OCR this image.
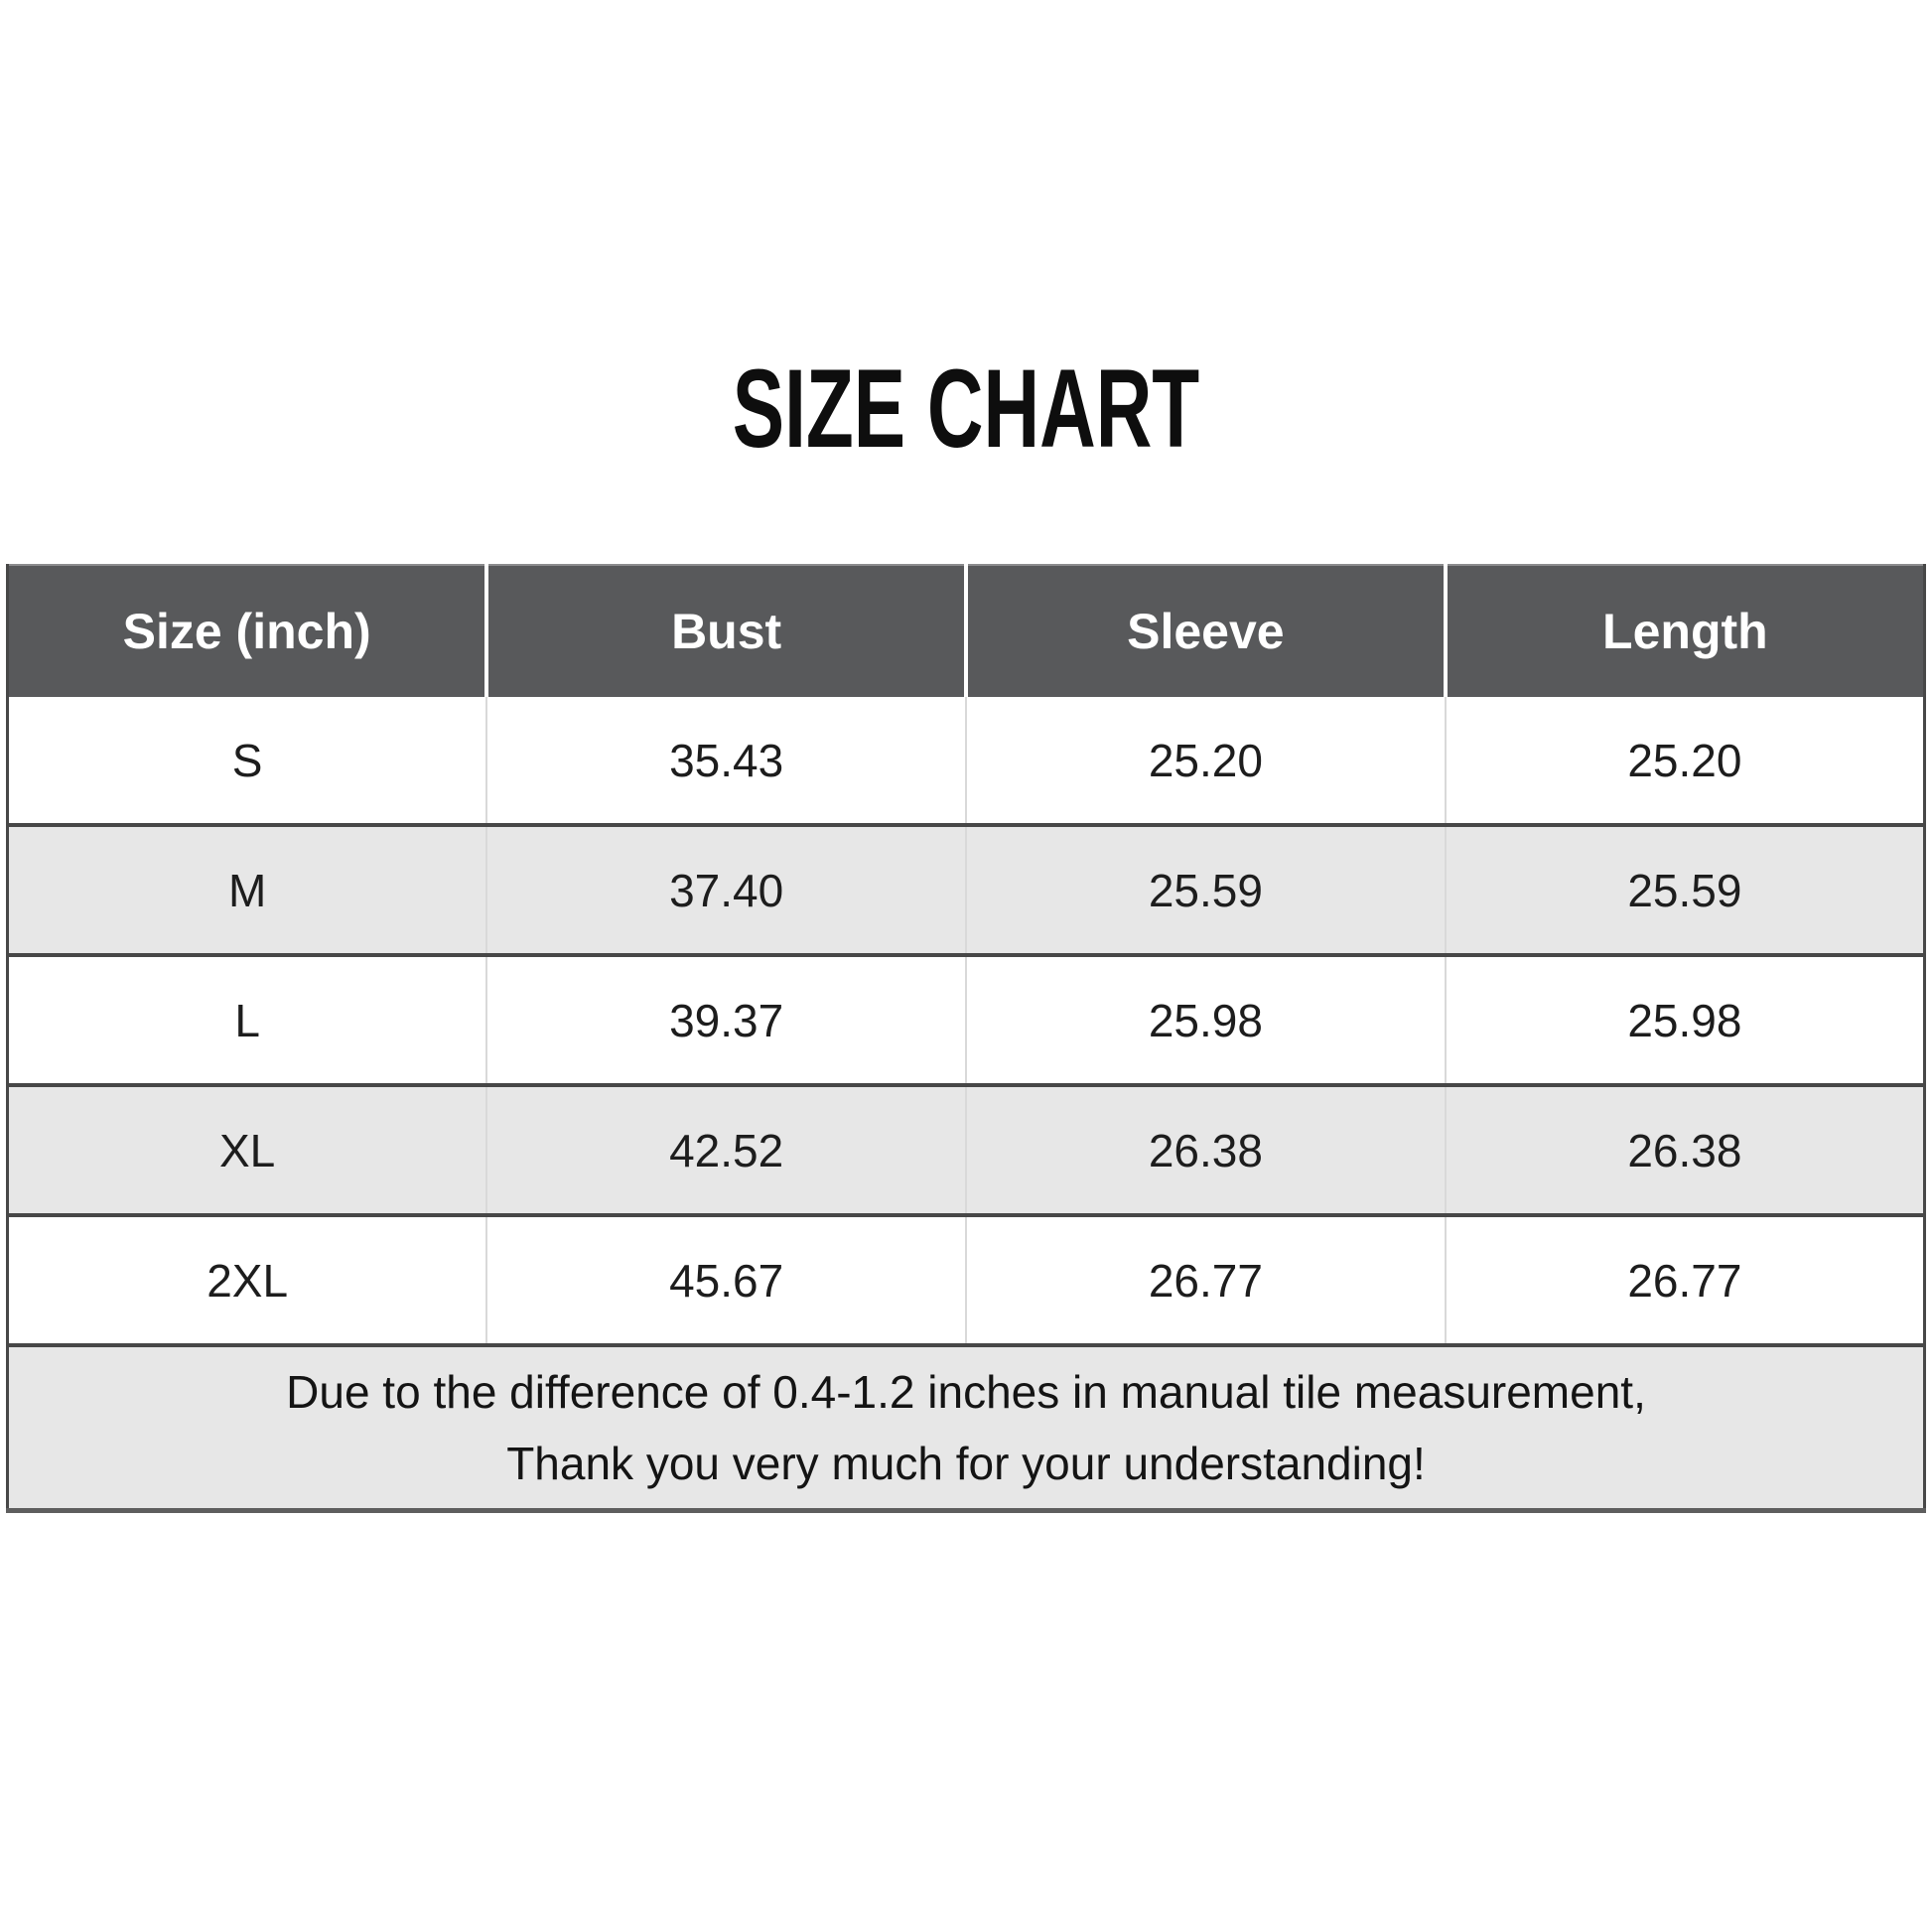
SIZE CHART
Size (inch)	Bust	Sleeve	Length
S	35.43	25.20	25.20
M	37.40	25.59	25.59
L	39.37	25.98	25.98
XL	42.52	26.38	26.38
2XL	45.67	26.77	26.77

Due to the difference of 0.4-1.2 inches in manual tile measurement,
Thank you very much for your understanding!			
